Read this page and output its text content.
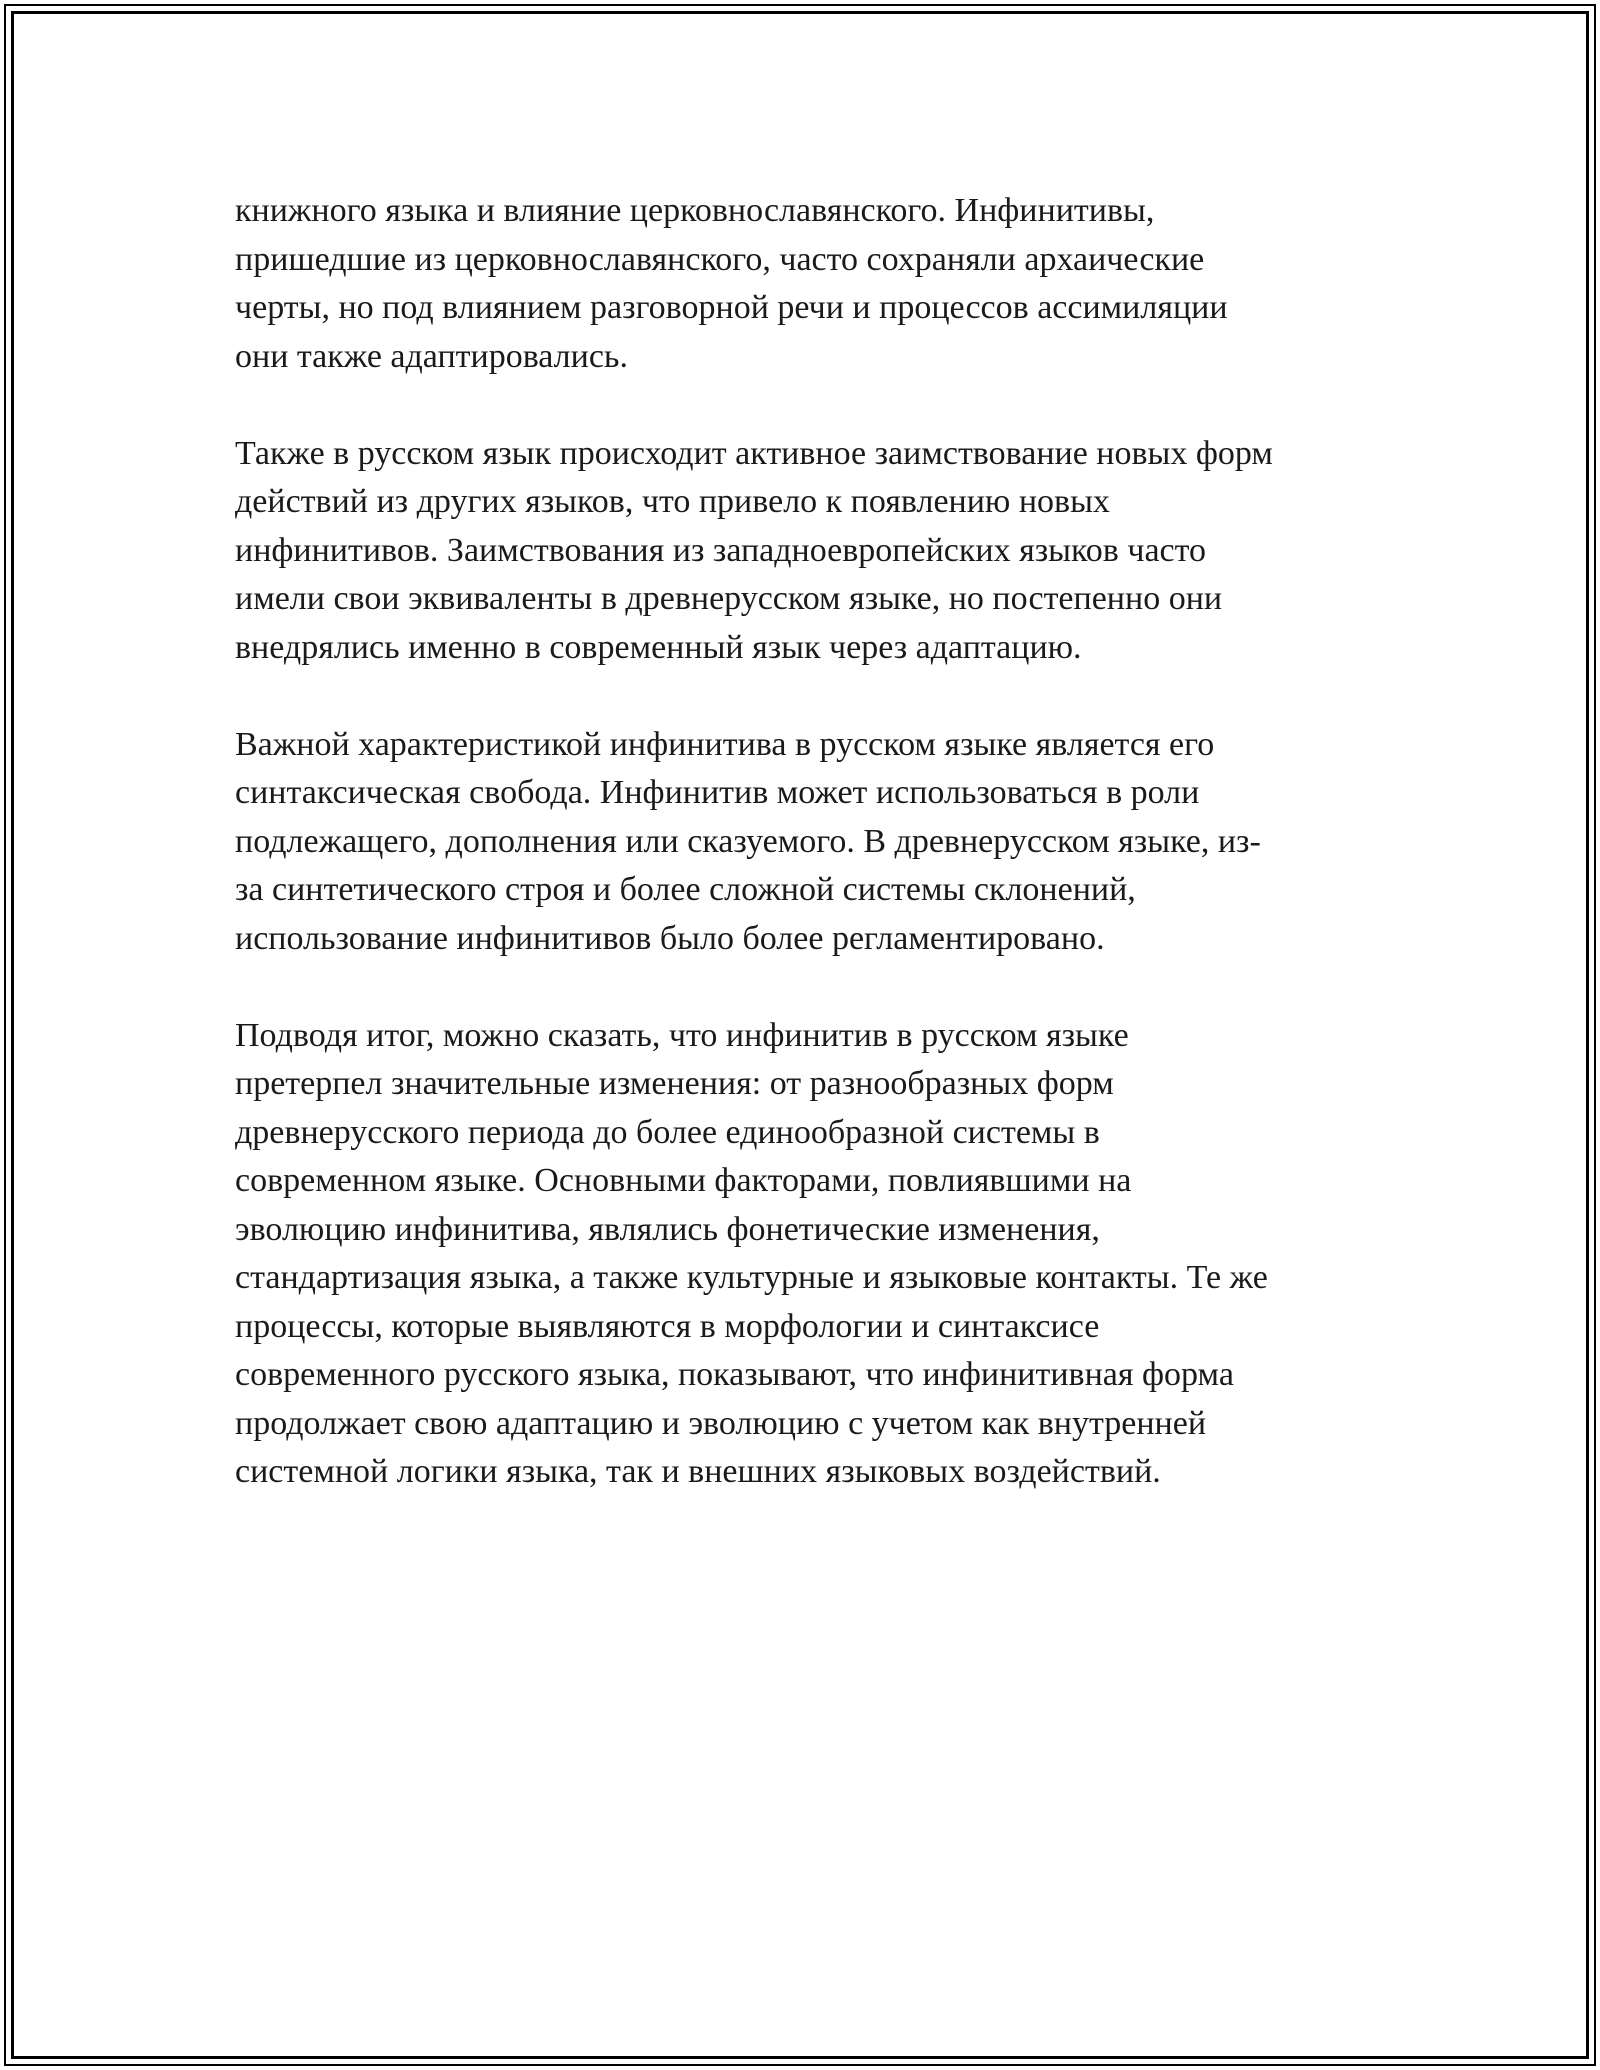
книжного языка и влияние церковнославянского. Инфинитивы,
пришедшие из церковнославянского, часто сохраняли архаические
черты, но под влиянием разговорной речи и процессов ассимиляции
они также адаптировались.

Также в русском язык происходит активное заимствование новых форм
действий из других языков, что привело к появлению новых
инфинитивов. Заимствования из западноевропейских языков часто
имели свои эквиваленты в древнерусском языке, но постепенно они
внедрялись именно в современный язык через адаптацию.

Важной характеристикой инфинитива в русском языке является его
синтаксическая свобода. Инфинитив может использоваться в роли
подлежащего, дополнения или сказуемого. В древнерусском языке, из-
за синтетического строя и более сложной системы склонений,
использование инфинитивов было более регламентировано.

Подводя итог, можно сказать, что инфинитив в русском языке
претерпел значительные изменения: от разнообразных форм
древнерусского периода до более единообразной системы в
современном языке. Основными факторами, повлиявшими на
эволюцию инфинитива, являлись фонетические изменения,
стандартизация языка, а также культурные и языковые контакты. Те же
процессы, которые выявляются в морфологии и синтаксисе
современного русского языка, показывают, что инфинитивная форма
продолжает свою адаптацию и эволюцию с учетом как внутренней
системной логики языка, так и внешних языковых воздействий.
